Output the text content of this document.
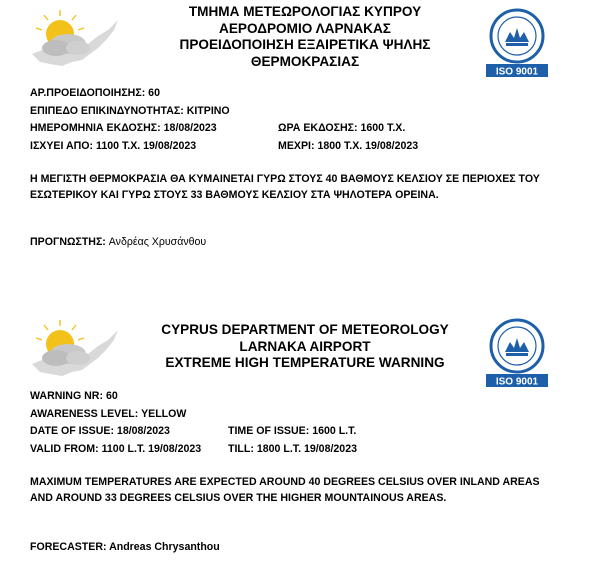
ΤΜΗΜΑ ΜΕΤΕΩΡΟΛΟΓΙΑΣ ΚΥΠΡΟΥ
ΑΕΡΟΔΡΟΜΙΟ ΛΑΡΝΑΚΑΣ
ΠΡΟΕΙΔΟΠΟΙΗΣΗ ΕΞΑΙΡΕΤΙΚΑ ΨΗΛΗΣ
ΘΕΡΜΟΚΡΑΣΙΑΣ
ISO 9001
ΑΡ.ΠΡΟΕΙΔΟΠΟΙΗΣΗΣ: 60
ΕΠΙΠΕΔΟ ΕΠΙΚΙΝΔΥΝΟΤΗΤΑΣ: ΚΙΤΡΙΝΟ
ΗΜΕΡΟΜΗΝΙΑ ΕΚΔΟΣΗΣ: 18/08/2023	ΩΡΑ ΕΚΔΟΣΗΣ: 1600 Τ.Χ.
ΙΣΧΥΕΙ ΑΠΟ: 1100 Τ.Χ. 19/08/2023	ΜΕΧΡΙ: 1800 Τ.Χ. 19/08/2023
Η ΜΕΓΙΣΤΗ ΘΕΡΜΟΚΡΑΣΙΑ ΘΑ ΚΥΜΑΙΝΕΤΑΙ ΓΥΡΩ ΣΤΟΥΣ 40 ΒΑΘΜΟΥΣ ΚΕΛΣΙΟΥ ΣΕ ΠΕΡΙΟΧΕΣ ΤΟΥ ΕΣΩΤΕΡΙΚΟΥ ΚΑΙ ΓΥΡΩ ΣΤΟΥΣ 33 ΒΑΘΜΟΥΣ ΚΕΛΣΙΟΥ ΣΤΑ ΨΗΛΟΤΕΡΑ ΟΡΕΙΝΑ.
ΠΡΟΓΝΩΣΤΗΣ: Ανδρέας Χρυσάνθου
CYPRUS DEPARTMENT OF METEOROLOGY
LARNAKA AIRPORT
EXTREME HIGH TEMPERATURE WARNING
ISO 9001
WARNING NR: 60
AWARENESS LEVEL: YELLOW
DATE OF ISSUE: 18/08/2023	TIME OF ISSUE: 1600 L.T.
VALID FROM: 1100 L.T. 19/08/2023	TILL: 1800 L.T. 19/08/2023
MAXIMUM TEMPERATURES ARE EXPECTED AROUND 40 DEGREES CELSIUS OVER INLAND AREAS AND AROUND 33 DEGREES CELSIUS OVER THE HIGHER MOUNTAINOUS AREAS.
FORECASTER: Andreas Chrysanthou
